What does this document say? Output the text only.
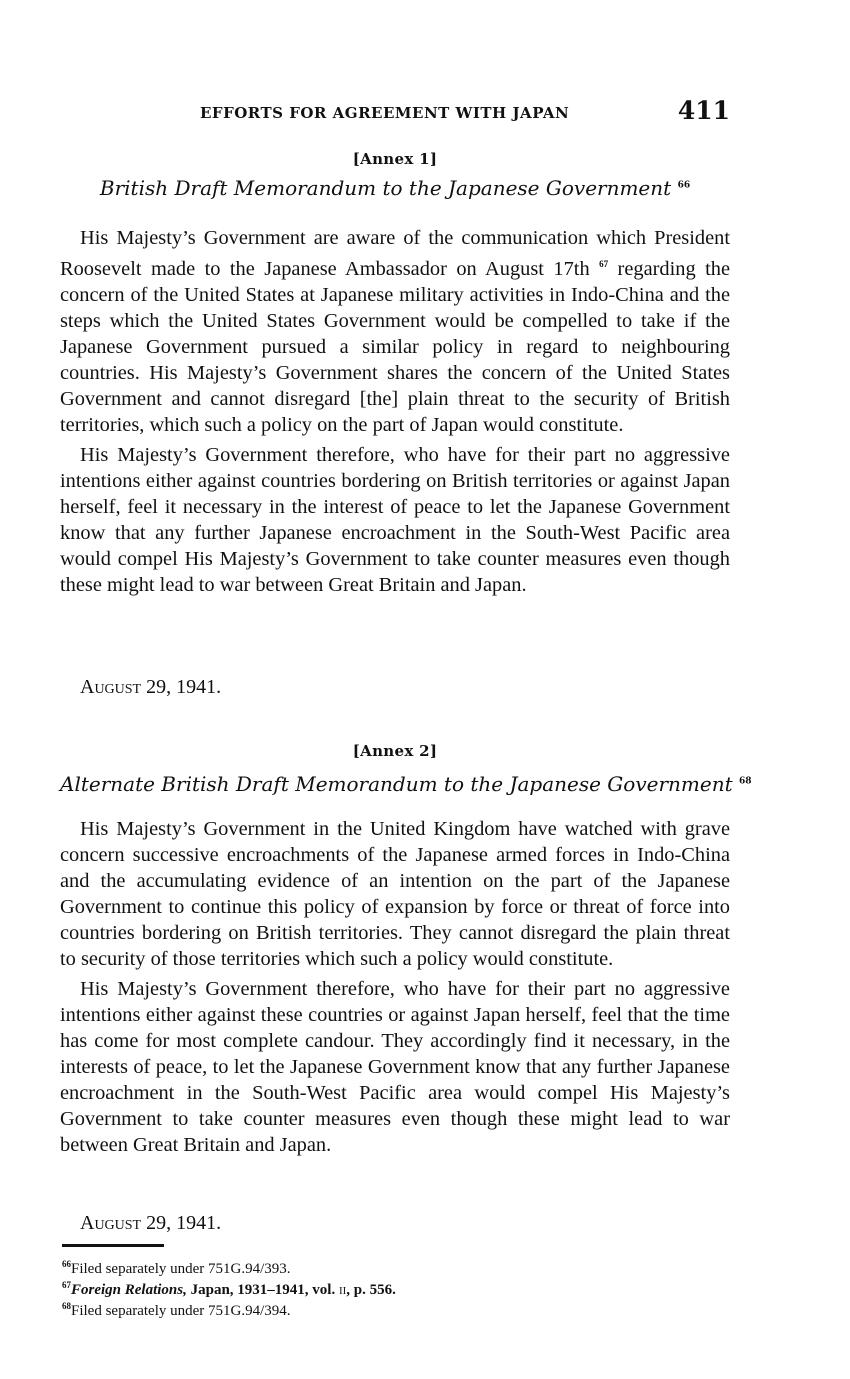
EFFORTS FOR AGREEMENT WITH JAPAN	411
[Annex 1]
British Draft Memorandum to the Japanese Government $^{66}$

His Majesty’s Government are aware of the communication which President Roosevelt made to the Japanese Ambassador on August 17th $^{67}$ regarding the concern of the United States at Japanese military activities in Indo-China and the steps which the United States Government would be compelled to take if the Japanese Government pursued a similar policy in regard to neighbouring countries. His Majesty’s Government shares the concern of the United States Government and cannot disregard [the] plain threat to the security of British territories, which such a policy on the part of Japan would constitute.

His Majesty’s Government therefore, who have for their part no aggressive intentions either against countries bordering on British territories or against Japan herself, feel it necessary in the interest of peace to let the Japanese Government know that any further Japanese encroachment in the South-West Pacific area would compel His Majesty’s Government to take counter measures even though these might lead to war between Great Britain and Japan.

August 29, 1941.
[Annex 2]
Alternate British Draft Memorandum to the Japanese Government $^{68}$

His Majesty’s Government in the United Kingdom have watched with grave concern successive encroachments of the Japanese armed forces in Indo-China and the accumulating evidence of an intention on the part of the Japanese Government to continue this policy of expansion by force or threat of force into countries bordering on British territories. They cannot disregard the plain threat to security of those territories which such a policy would constitute.

His Majesty’s Government therefore, who have for their part no aggressive intentions either against these countries or against Japan herself, feel that the time has come for most complete candour. They accordingly find it necessary, in the interests of peace, to let the Japanese Government know that any further Japanese encroachment in the South-West Pacific area would compel His Majesty’s Government to take counter measures even though these might lead to war between Great Britain and Japan.

August 29, 1941.
$^{66}$Filed separately under 751G.94/393.
$^{67}$Foreign Relations, Japan, 1931–1941, vol. ii, p. 556.
$^{68}$Filed separately under 751G.94/394.
